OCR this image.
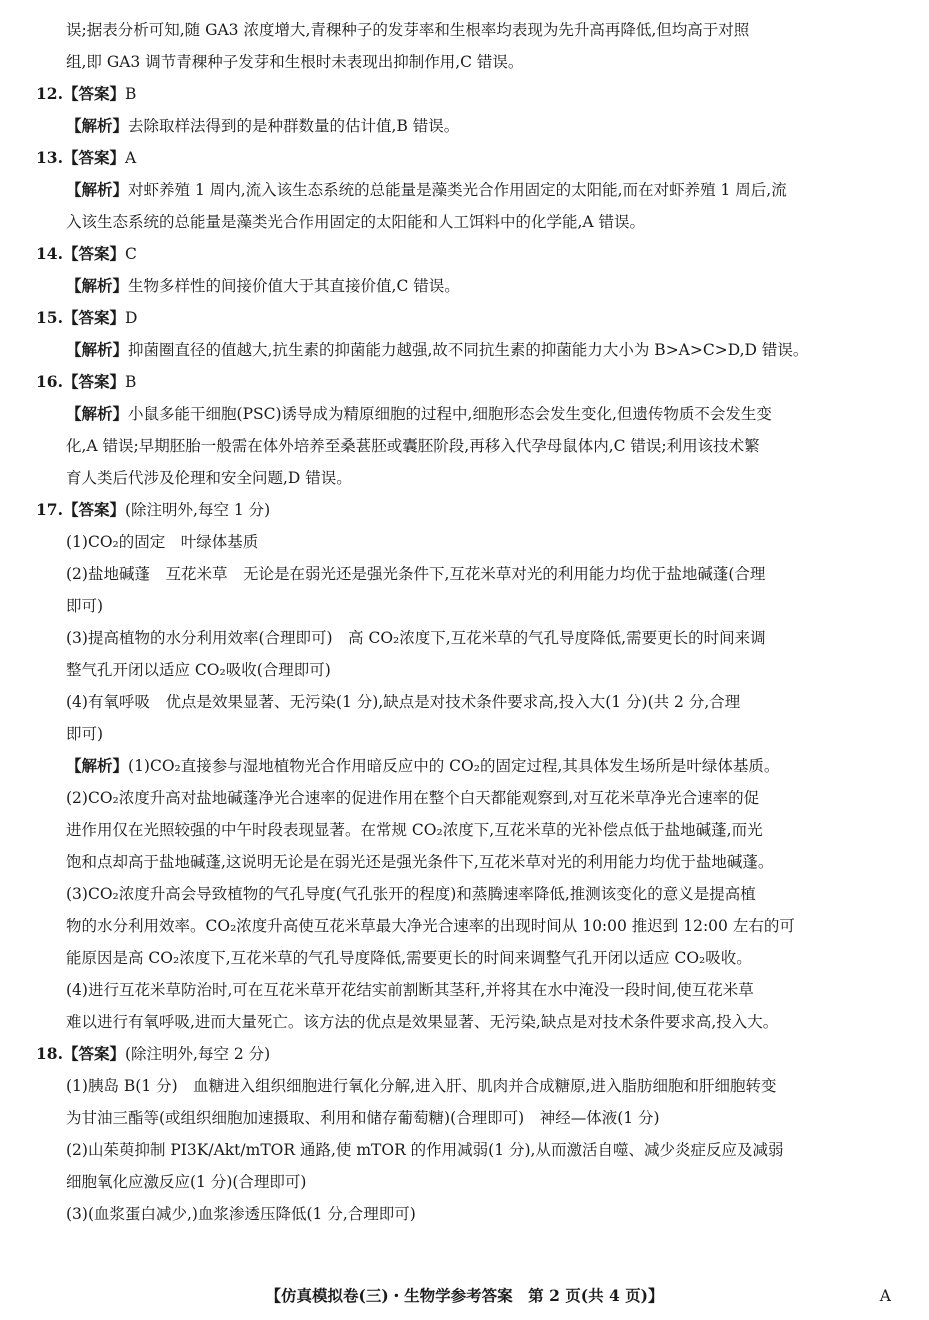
误;据表分析可知,随 GA3 浓度增大,青稞种子的发芽率和生根率均表现为先升高再降低,但均高于对照
组,即 GA3 调节青稞种子发芽和生根时未表现出抑制作用,C 错误。
12.【答案】B
【解析】去除取样法得到的是种群数量的估计值,B 错误。
13.【答案】A
【解析】对虾养殖 1 周内,流入该生态系统的总能量是藻类光合作用固定的太阳能,而在对虾养殖 1 周后,流
入该生态系统的总能量是藻类光合作用固定的太阳能和人工饵料中的化学能,A 错误。
14.【答案】C
【解析】生物多样性的间接价值大于其直接价值,C 错误。
15.【答案】D
【解析】抑菌圈直径的值越大,抗生素的抑菌能力越强,故不同抗生素的抑菌能力大小为 B>A>C>D,D 错误。
16.【答案】B
【解析】小鼠多能干细胞(PSC)诱导成为精原细胞的过程中,细胞形态会发生变化,但遗传物质不会发生变
化,A 错误;早期胚胎一般需在体外培养至桑葚胚或囊胚阶段,再移入代孕母鼠体内,C 错误;利用该技术繁
育人类后代涉及伦理和安全问题,D 错误。
17.【答案】(除注明外,每空 1 分)
(1)CO₂的固定　叶绿体基质
(2)盐地碱蓬　互花米草　无论是在弱光还是强光条件下,互花米草对光的利用能力均优于盐地碱蓬(合理
即可)
(3)提高植物的水分利用效率(合理即可)　高 CO₂浓度下,互花米草的气孔导度降低,需要更长的时间来调
整气孔开闭以适应 CO₂吸收(合理即可)
(4)有氧呼吸　优点是效果显著、无污染(1 分),缺点是对技术条件要求高,投入大(1 分)(共 2 分,合理
即可)
【解析】(1)CO₂直接参与湿地植物光合作用暗反应中的 CO₂的固定过程,其具体发生场所是叶绿体基质。
(2)CO₂浓度升高对盐地碱蓬净光合速率的促进作用在整个白天都能观察到,对互花米草净光合速率的促
进作用仅在光照较强的中午时段表现显著。在常规 CO₂浓度下,互花米草的光补偿点低于盐地碱蓬,而光
饱和点却高于盐地碱蓬,这说明无论是在弱光还是强光条件下,互花米草对光的利用能力均优于盐地碱蓬。
(3)CO₂浓度升高会导致植物的气孔导度(气孔张开的程度)和蒸腾速率降低,推测该变化的意义是提高植
物的水分利用效率。CO₂浓度升高使互花米草最大净光合速率的出现时间从 10:00 推迟到 12:00 左右的可
能原因是高 CO₂浓度下,互花米草的气孔导度降低,需要更长的时间来调整气孔开闭以适应 CO₂吸收。
(4)进行互花米草防治时,可在互花米草开花结实前割断其茎秆,并将其在水中淹没一段时间,使互花米草
难以进行有氧呼吸,进而大量死亡。该方法的优点是效果显著、无污染,缺点是对技术条件要求高,投入大。
18.【答案】(除注明外,每空 2 分)
(1)胰岛 B(1 分)　血糖进入组织细胞进行氧化分解,进入肝、肌肉并合成糖原,进入脂肪细胞和肝细胞转变
为甘油三酯等(或组织细胞加速摄取、利用和储存葡萄糖)(合理即可)　神经—体液(1 分)
(2)山茱萸抑制 PI3K/Akt/mTOR 通路,使 mTOR 的作用减弱(1 分),从而激活自噬、减少炎症反应及减弱
细胞氧化应激反应(1 分)(合理即可)
(3)(血浆蛋白减少,)血浆渗透压降低(1 分,合理即可)
【仿真模拟卷(三)・生物学参考答案　第 2 页(共 4 页)】	A
